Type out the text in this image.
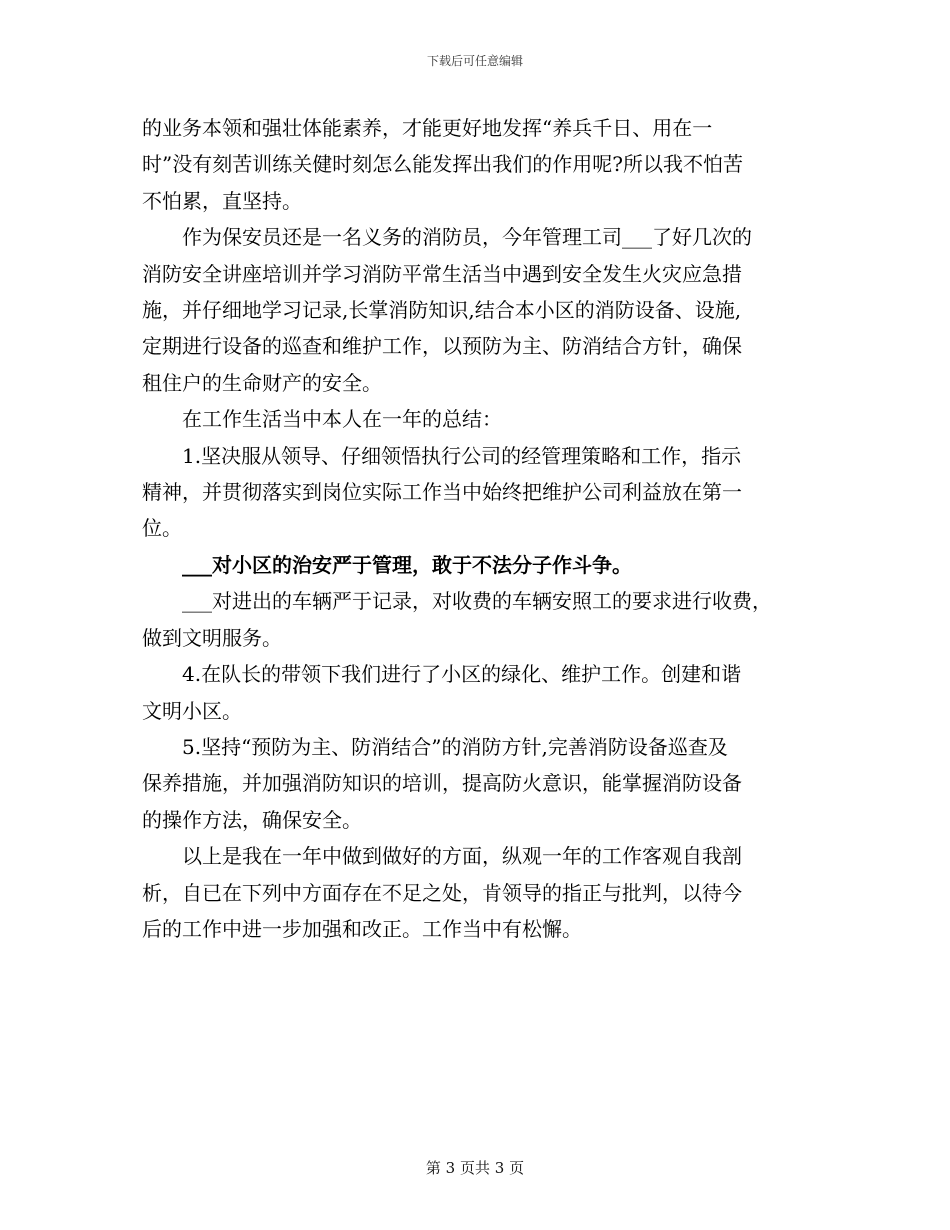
下载后可任意编辑

的业务本领和强壮体能素养，才能更好地发挥“养兵千日、用在一
时”没有刻苦训练关健时刻怎么能发挥出我们的作用呢?所以我不怕苦
不怕累，直坚持。

作为保安员还是一名义务的消防员，今年管理工司___了好几次的
消防安全讲座培训并学习消防平常生活当中遇到安全发生火灾应急措
施，并仔细地学习记录,长掌消防知识,结合本小区的消防设备、设施,
定期进行设备的巡查和维护工作，以预防为主、防消结合方针，确保
租住户的生命财产的安全。

在工作生活当中本人在一年的总结：

1.坚决服从领导、仔细领悟执行公司的经管理策略和工作，指示
精神，并贯彻落实到岗位实际工作当中始终把维护公司利益放在第一
位。

___对小区的治安严于管理，敢于不法分子作斗争。

___对进出的车辆严于记录，对收费的车辆安照工的要求进行收费，
做到文明服务。

4.在队长的带领下我们进行了小区的绿化、维护工作。创建和谐
文明小区。

5.坚持“预防为主、防消结合”的消防方针,完善消防设备巡查及
保养措施，并加强消防知识的培训，提高防火意识，能掌握消防设备
的操作方法，确保安全。

以上是我在一年中做到做好的方面，纵观一年的工作客观自我剖
析，自已在下列中方面存在不足之处，肯领导的指正与批判，以待今
后的工作中进一步加强和改正。工作当中有松懈。

第 3 页共 3 页
